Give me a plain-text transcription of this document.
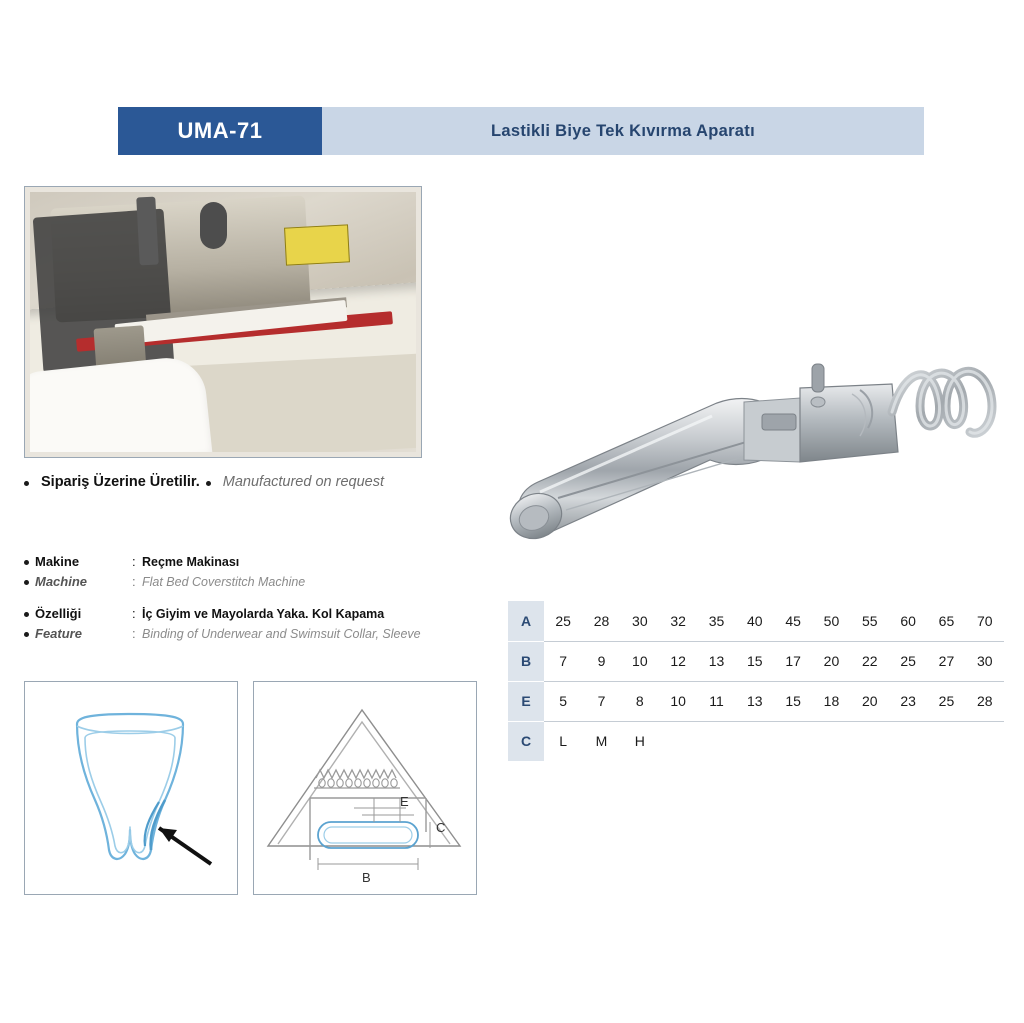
UMA-71	Lastikli Biye Tek Kıvırma Aparatı
Sipariş Üzerine Üretilir. Manufactured on request
Makine	: Reçme Makinası
Machine	: Flat Bed Coverstitch Machine
Özelliği	: İç Giyim ve Mayolarda Yaka. Kol Kapama
Feature	: Binding of Underwear and Swimsuit Collar, Sleeve
E
C
B
A	25	28	30	32	35	40	45	50	55	60	65	70
B	7	9	10	12	13	15	17	20	22	25	27	30
E	5	7	8	10	11	13	15	18	20	23	25	28
C	L	M	H									
